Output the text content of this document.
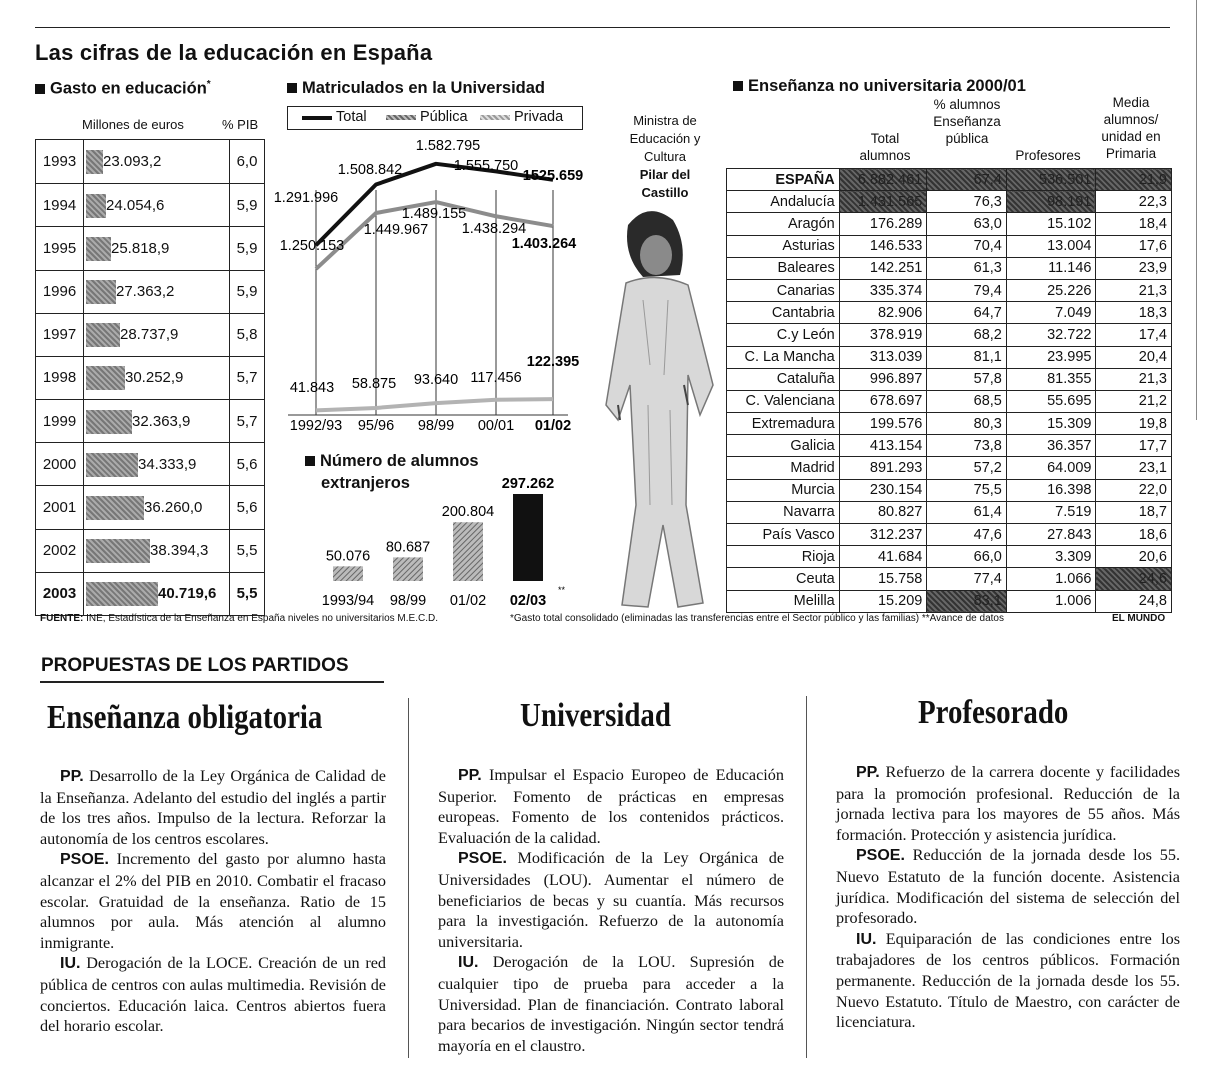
Las cifras de la educación en España
Gasto en educación*
Millones de euros	% PIB
1993	23.093,2	6,0
1994	24.054,6	5,9
1995	25.818,9	5,9
1996	27.363,2	5,9
1997	28.737,9	5,8
1998	30.252,9	5,7
1999	32.363,9	5,7
2000	34.333,9	5,6
2001	36.260,0	5,6
2002	38.394,3	5,5
2003	40.719,6	5,5
Matriculados en la Universidad
Total	Pública	Privada
1.291.996
1.508.842
1.582.795
1.555.750
1525.659
1.250.153
1.449.967
1.489.155
1.438.294
1.403.264
41.843 58.875 93.640 117.456
122.395
1992/93 95/96 98/99 00/01 01/02
Número de alumnos
extranjeros
50.076
1993/94
80.687
98/99
200.804
01/02
297.262
02/03
**
Ministra de
Educación y
Cultura
Pilar del
Castillo
Enseñanza no universitaria 2000/01
Total alumnos
% alumnos Enseñanza pública
Profesores
Media alumnos/ unidad en Primaria
ESPAÑA	6.882.461	67,4	536.501	21,9
Andalucía	1.431.565	76,3	98.191	22,3
Aragón	176.289	63,0	15.102	18,4
Asturias	146.533	70,4	13.004	17,6
Baleares	142.251	61,3	11.146	23,9
Canarias	335.374	79,4	25.226	21,3
Cantabria	82.906	64,7	7.049	18,3
C.y León	378.919	68,2	32.722	17,4
C. La Mancha	313.039	81,1	23.995	20,4
Cataluña	996.897	57,8	81.355	21,3
C. Valenciana	678.697	68,5	55.695	21,2
Extremadura	199.576	80,3	15.309	19,8
Galicia	413.154	73,8	36.357	17,7
Madrid	891.293	57,2	64.009	23,1
Murcia	230.154	75,5	16.398	22,0
Navarra	80.827	61,4	7.519	18,7
País Vasco	312.237	47,6	27.843	18,6
Rioja	41.684	66,0	3.309	20,6
Ceuta	15.758	77,4	1.066	24,6
Melilla	15.209	83,1	1.006	24,8
FUENTE: INE, Estadística de la Enseñanza en España niveles no universitarios M.E.C.D.	*Gasto total consolidado (eliminadas las transferencias entre el Sector público y las familias) **Avance de datos	EL MUNDO
PROPUESTAS DE LOS PARTIDOS
Enseñanza obligatoria	Universidad	Profesorado

PP. Desarrollo de la Ley Orgánica de Calidad de la Enseñanza. Adelanto del estudio del inglés a partir de los tres años. Impulso de la lectura. Reforzar la autonomía de los centros escolares.

PSOE. Incremento del gasto por alumno hasta alcanzar el 2% del PIB en 2010. Combatir el fracaso escolar. Gratuidad de la enseñanza. Ratio de 15 alumnos por aula. Más atención al alumno inmigrante.

IU. Derogación de la LOCE. Creación de un red pública de centros con aulas multimedia. Revisión de conciertos. Educación laica. Centros abiertos fuera del horario escolar.

PP. Impulsar el Espacio Europeo de Educación Superior. Fomento de prácticas en empresas europeas. Fomento de los contenidos prácticos. Evaluación de la calidad.

PSOE. Modificación de la Ley Orgánica de Universidades (LOU). Aumentar el número de beneficiarios de becas y su cuantía. Más recursos para la investigación. Refuerzo de la autonomía universitaria.

IU. Derogación de la LOU. Supresión de cualquier tipo de prueba para acceder a la Universidad. Plan de financiación. Contrato laboral para becarios de investigación. Ningún sector tendrá mayoría en el claustro.

PP. Refuerzo de la carrera docente y facilidades para la promoción profesional. Reducción de la jornada lectiva para los mayores de 55 años. Más formación. Protección y asistencia jurídica.

PSOE. Reducción de la jornada desde los 55. Nuevo Estatuto de la función docente. Asistencia jurídica. Modificación del sistema de selección del profesorado.

IU. Equiparación de las condiciones entre los trabajadores de los centros públicos. Formación permanente. Reducción de la jornada desde los 55. Nuevo Estatuto. Título de Maestro, con carácter de licenciatura.
